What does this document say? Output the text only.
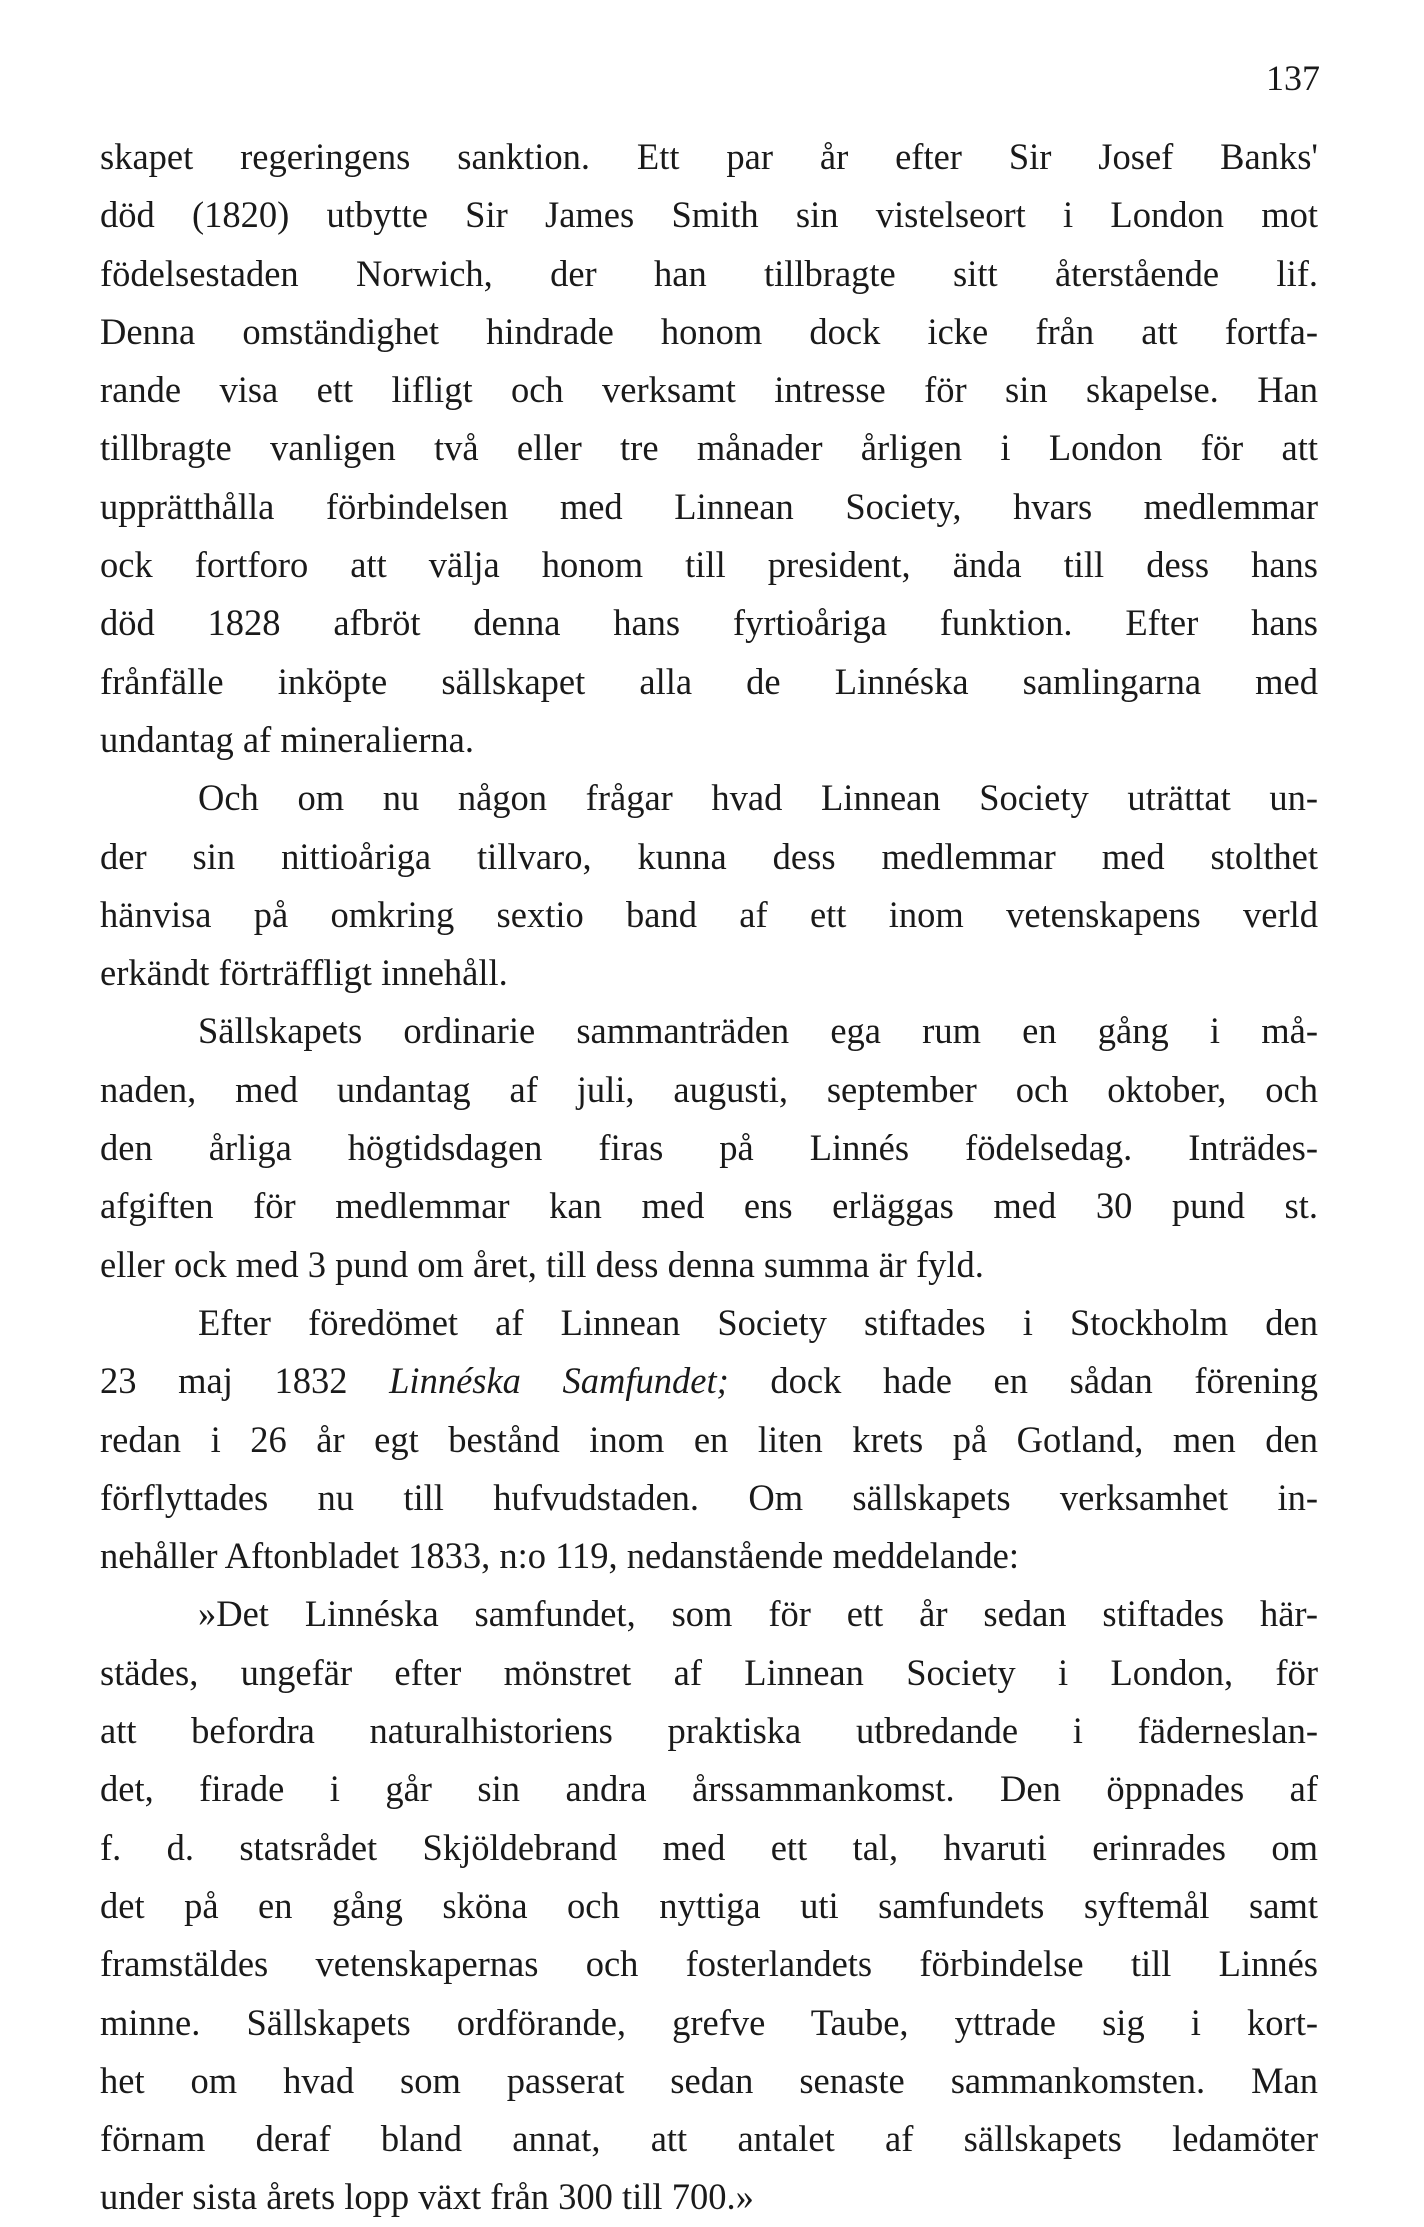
137
skapet regeringens sanktion. Ett par år efter Sir Josef Banks'
död (1820) utbytte Sir James Smith sin vistelseort i London mot
födelsestaden Norwich, der han tillbragte sitt återstående lif.
Denna omständighet hindrade honom dock icke från att fortfa-
rande visa ett lifligt och verksamt intresse för sin skapelse. Han
tillbragte vanligen två eller tre månader årligen i London för att
upprätthålla förbindelsen med Linnean Society, hvars medlemmar
ock fortforo att välja honom till president, ända till dess hans
död 1828 afbröt denna hans fyrtioåriga funktion. Efter hans
frånfälle inköpte sällskapet alla de Linnéska samlingarna med
undantag af mineralierna.
Och om nu någon frågar hvad Linnean Society uträttat un-
der sin nittioåriga tillvaro, kunna dess medlemmar med stolthet
hänvisa på omkring sextio band af ett inom vetenskapens verld
erkändt förträffligt innehåll.
Sällskapets ordinarie sammanträden ega rum en gång i må-
naden, med undantag af juli, augusti, september och oktober, och
den årliga högtidsdagen firas på Linnés födelsedag. Inträdes-
afgiften för medlemmar kan med ens erläggas med 30 pund st.
eller ock med 3 pund om året, till dess denna summa är fyld.
Efter föredömet af Linnean Society stiftades i Stockholm den
23 maj 1832 Linnéska Samfundet; dock hade en sådan förening
redan i 26 år egt bestånd inom en liten krets på Gotland, men den
förflyttades nu till hufvudstaden. Om sällskapets verksamhet in-
nehåller Aftonbladet 1833, n:o 119, nedanstående meddelande:
»Det Linnéska samfundet, som för ett år sedan stiftades här-
städes, ungefär efter mönstret af Linnean Society i London, för
att befordra naturalhistoriens praktiska utbredande i fäderneslan-
det, firade i går sin andra årssammankomst. Den öppnades af
f. d. statsrådet Skjöldebrand med ett tal, hvaruti erinrades om
det på en gång sköna och nyttiga uti samfundets syftemål samt
framstäldes vetenskapernas och fosterlandets förbindelse till Linnés
minne. Sällskapets ordförande, grefve Taube, yttrade sig i kort-
het om hvad som passerat sedan senaste sammankomsten. Man
förnam deraf bland annat, att antalet af sällskapets ledamöter
under sista årets lopp växt från 300 till 700.»
